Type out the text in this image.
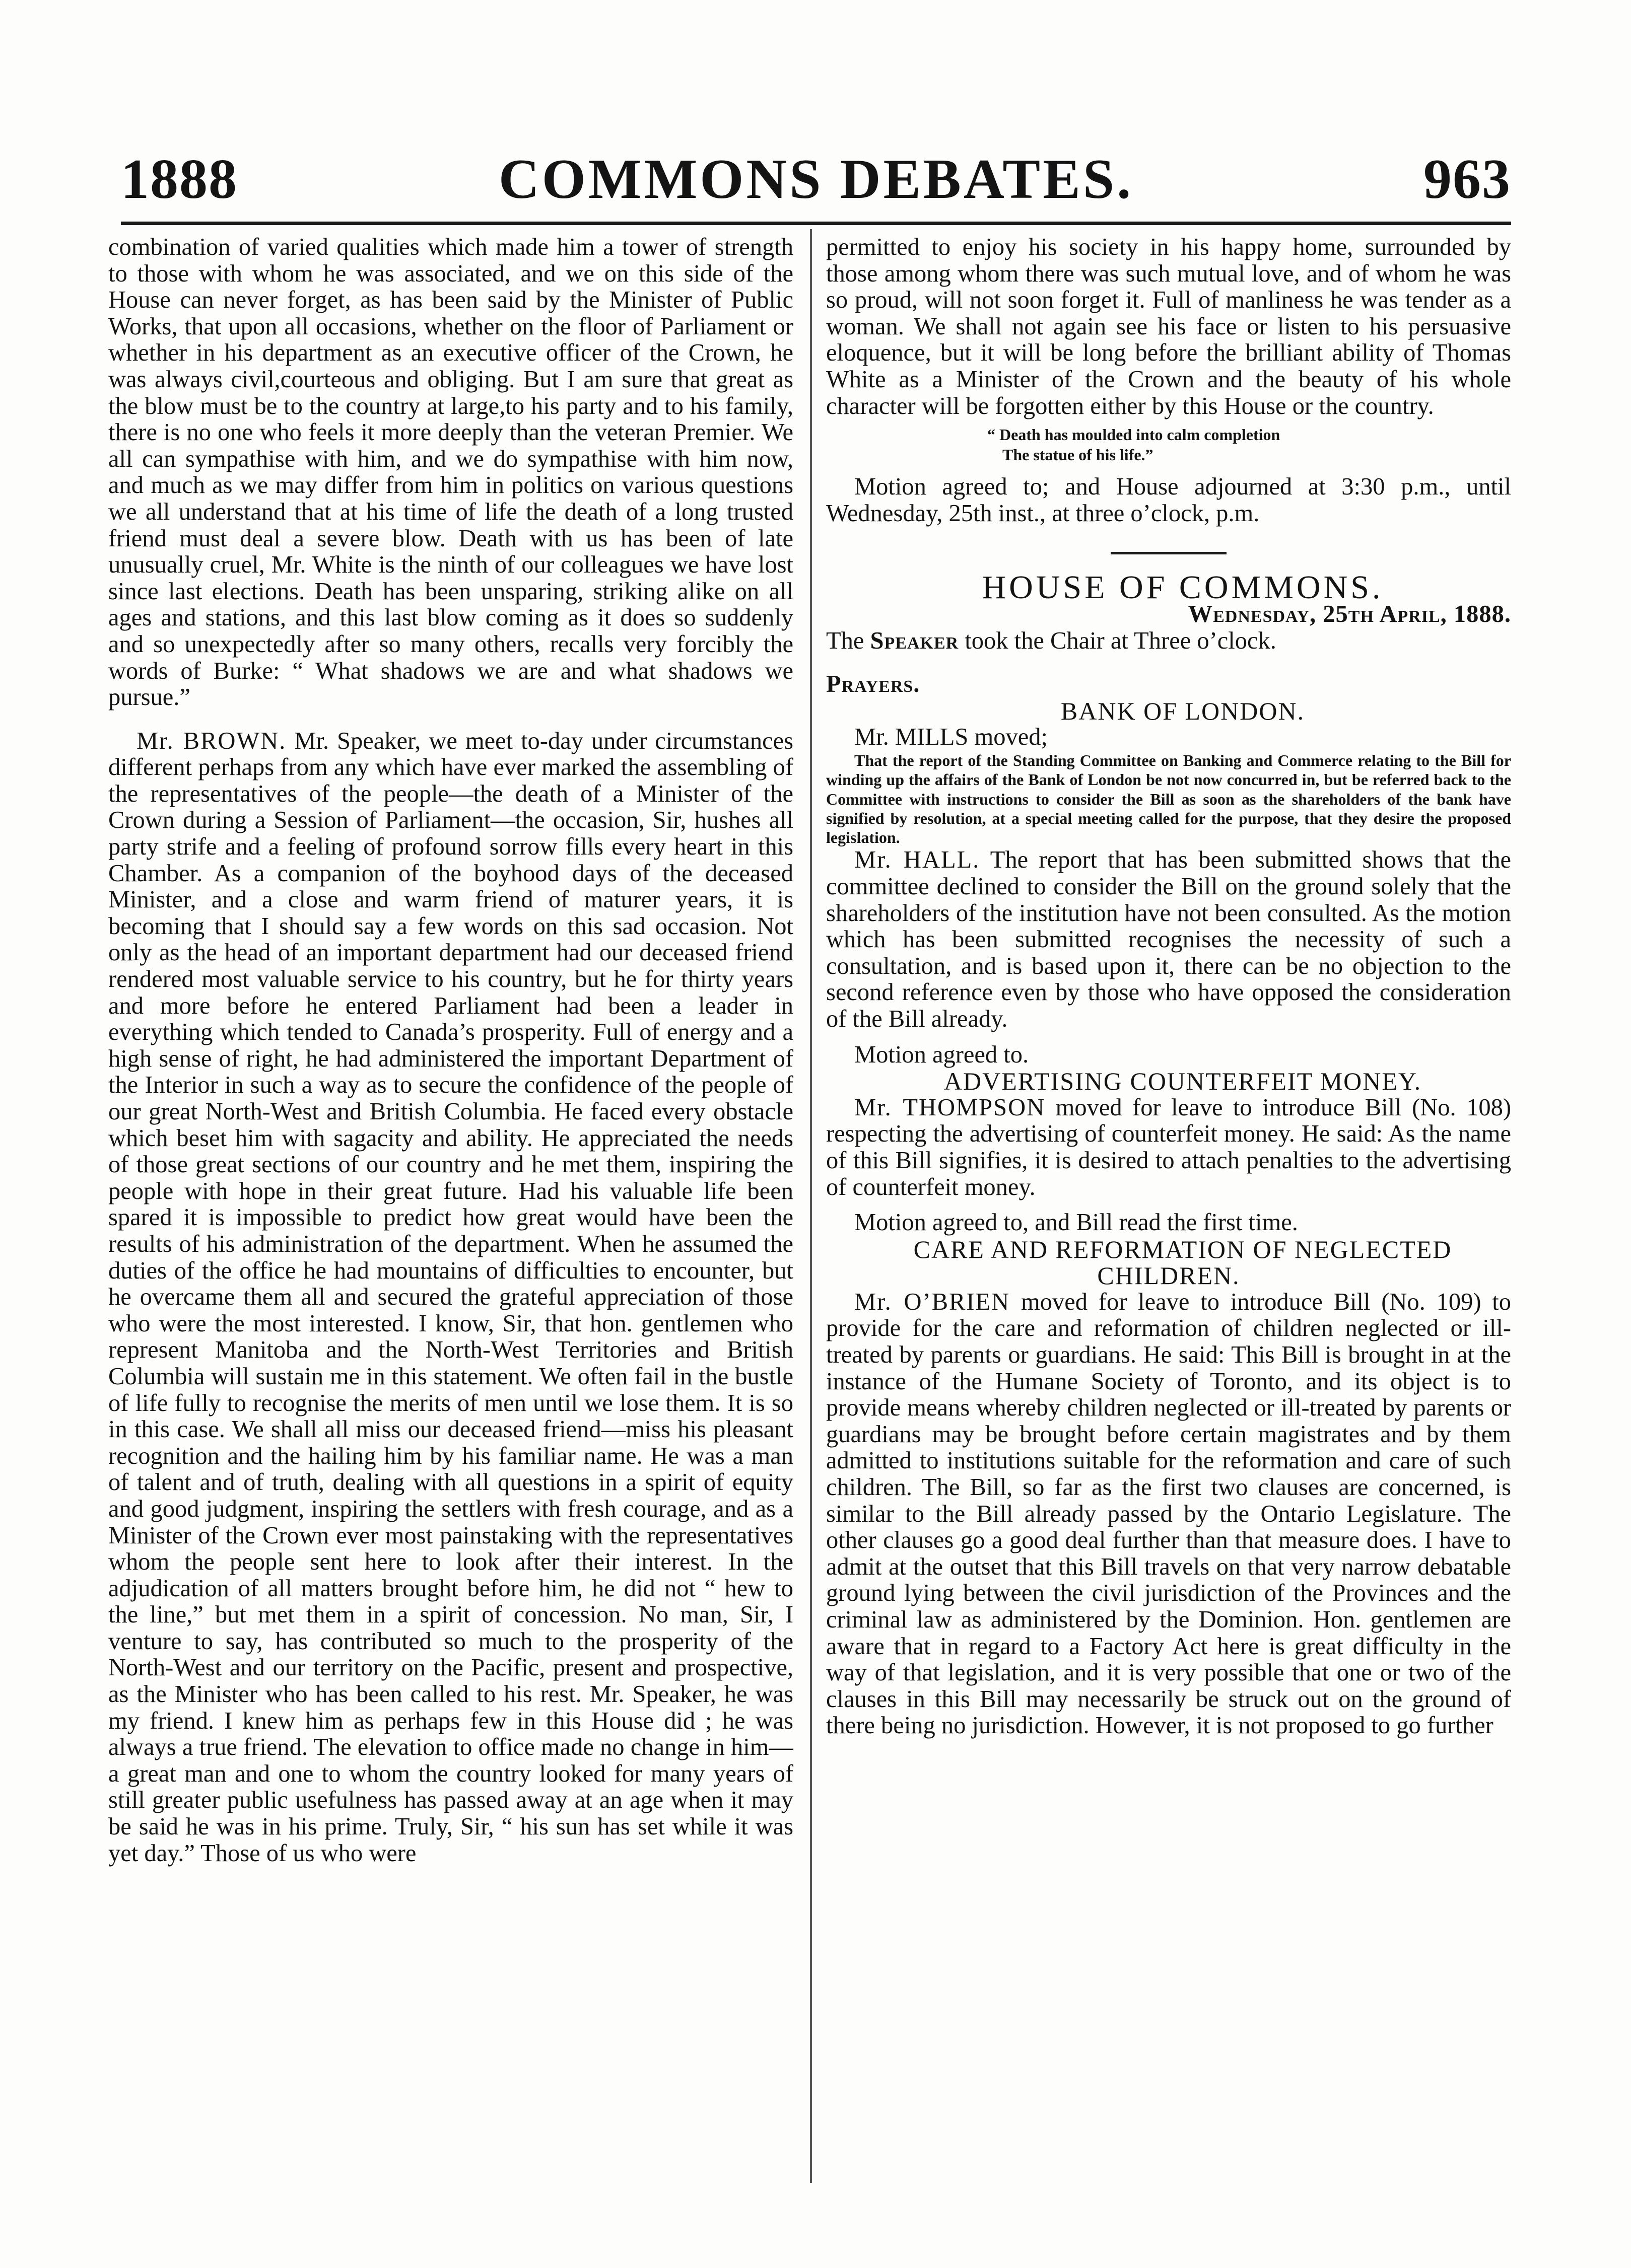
1888	COMMONS DEBATES.	963

combination of varied qualities which made him a tower of strength to those with whom he was associated, and we on this side of the House can never forget, as has been said by the Minister of Public Works, that upon all occasions, whether on the floor of Parliament or whether in his department as an executive officer of the Crown, he was always civil,courteous and obliging. But I am sure that great as the blow must be to the country at large,to his party and to his family, there is no one who feels it more deeply than the veteran Premier. We all can sympathise with him, and we do sympathise with him now, and much as we may differ from him in politics on various questions we all understand that at his time of life the death of a long trusted friend must deal a severe blow. Death with us has been of late unusually cruel, Mr. White is the ninth of our colleagues we have lost since last elections. Death has been unsparing, striking alike on all ages and stations, and this last blow coming as it does so suddenly and so unexpectedly after so many others, recalls very forcibly the words of Burke: “ What shadows we are and what shadows we pursue.”

Mr. BROWN. Mr. Speaker, we meet to-day under circumstances different perhaps from any which have ever marked the assembling of the representatives of the people—the death of a Minister of the Crown during a Session of Parliament—the occasion, Sir, hushes all party strife and a feeling of profound sorrow fills every heart in this Chamber. As a companion of the boyhood days of the deceased Minister, and a close and warm friend of maturer years, it is becoming that I should say a few words on this sad occasion. Not only as the head of an important department had our deceased friend rendered most valuable service to his country, but he for thirty years and more before he entered Parliament had been a leader in everything which tended to Canada’s prosperity. Full of energy and a high sense of right, he had administered the important Department of the Interior in such a way as to secure the confidence of the people of our great North-West and British Columbia. He faced every obstacle which beset him with sagacity and ability. He appreciated the needs of those great sections of our country and he met them, inspiring the people with hope in their great future. Had his valuable life been spared it is impossible to predict how great would have been the results of his administration of the department. When he assumed the duties of the office he had mountains of difficulties to encounter, but he overcame them all and secured the grateful appreciation of those who were the most interested. I know, Sir, that hon. gentlemen who represent Manitoba and the North-West Territories and British Columbia will sustain me in this statement. We often fail in the bustle of life fully to recognise the merits of men until we lose them. It is so in this case. We shall all miss our deceased friend—miss his pleasant recognition and the hailing him by his familiar name. He was a man of talent and of truth, dealing with all questions in a spirit of equity and good judgment, inspiring the settlers with fresh courage, and as a Minister of the Crown ever most painstaking with the representatives whom the people sent here to look after their interest. In the adjudication of all matters brought before him, he did not “ hew to the line,” but met them in a spirit of concession. No man, Sir, I venture to say, has contributed so much to the prosperity of the North-West and our territory on the Pacific, present and prospective, as the Minister who has been called to his rest. Mr. Speaker, he was my friend. I knew him as perhaps few in this House did ; he was always a true friend. The elevation to office made no change in him—a great man and one to whom the country looked for many years of still greater public usefulness has passed away at an age when it may be said he was in his prime. Truly, Sir, “ his sun has set while it was yet day.” Those of us who were

permitted to enjoy his society in his happy home, surrounded by those among whom there was such mutual love, and of whom he was so proud, will not soon forget it. Full of manliness he was tender as a woman. We shall not again see his face or listen to his persuasive eloquence, but it will be long before the brilliant ability of Thomas White as a Minister of the Crown and the beauty of his whole character will be forgotten either by this House or the country.

“ Death has moulded into calm completion
The statue of his life.”

Motion agreed to; and House adjourned at 3:30 p.m., until Wednesday, 25th inst., at three o’clock, p.m.

HOUSE OF COMMONS.

Wednesday, 25th April, 1888.

The Speaker took the Chair at Three o’clock.

Prayers.

BANK OF LONDON.

Mr. MILLS moved;

That the report of the Standing Committee on Banking and Commerce relating to the Bill for winding up the affairs of the Bank of London be not now concurred in, but be referred back to the Committee with instructions to consider the Bill as soon as the shareholders of the bank have signified by resolution, at a special meeting called for the purpose, that they desire the proposed legislation.

Mr. HALL. The report that has been submitted shows that the committee declined to consider the Bill on the ground solely that the shareholders of the institution have not been consulted. As the motion which has been submitted recognises the necessity of such a consultation, and is based upon it, there can be no objection to the second reference even by those who have opposed the consideration of the Bill already.

Motion agreed to.

ADVERTISING COUNTERFEIT MONEY.

Mr. THOMPSON moved for leave to introduce Bill (No. 108) respecting the advertising of counterfeit money. He said: As the name of this Bill signifies, it is desired to attach penalties to the advertising of counterfeit money.

Motion agreed to, and Bill read the first time.

CARE AND REFORMATION OF NEGLECTED
CHILDREN.

Mr. O’BRIEN moved for leave to introduce Bill (No. 109) to provide for the care and reformation of children neglected or ill-treated by parents or guardians. He said: This Bill is brought in at the instance of the Humane Society of Toronto, and its object is to provide means whereby children neglected or ill-treated by parents or guardians may be brought before certain magistrates and by them admitted to institutions suitable for the reformation and care of such children. The Bill, so far as the first two clauses are concerned, is similar to the Bill already passed by the Ontario Legislature. The other clauses go a good deal further than that measure does. I have to admit at the outset that this Bill travels on that very narrow debatable ground lying between the civil jurisdiction of the Provinces and the criminal law as administered by the Dominion. Hon. gentlemen are aware that in regard to a Factory Act here is great difficulty in the way of that legislation, and it is very possible that one or two of the clauses in this Bill may necessarily be struck out on the ground of there being no jurisdiction. However, it is not proposed to go further
